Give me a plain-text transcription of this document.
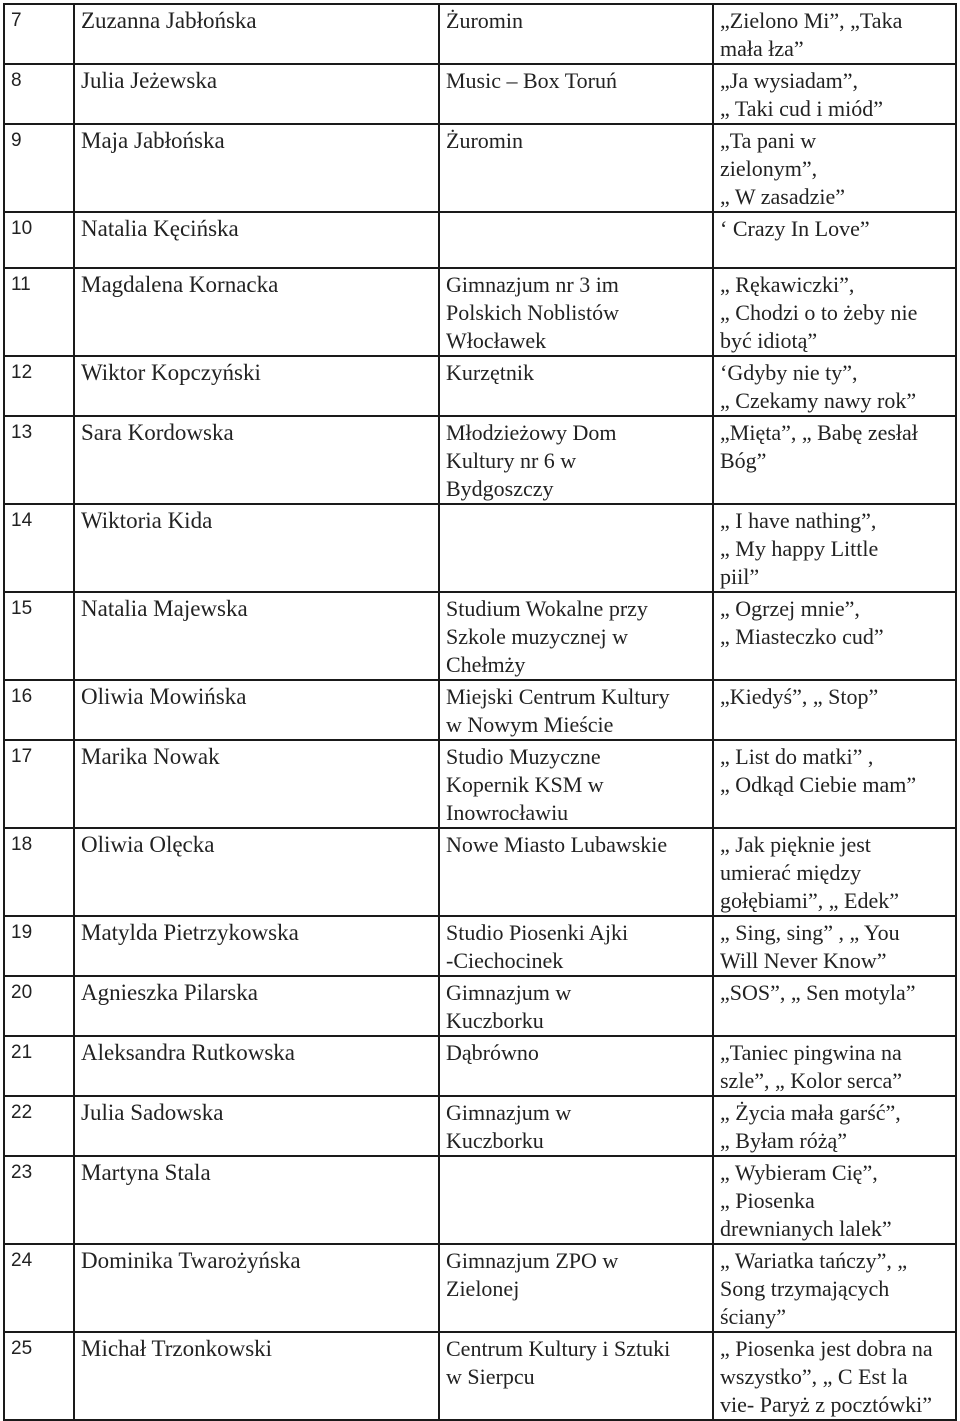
7	Zuzanna Jabłońska	Żuromin	„Zielono Mi”, „Taka
mała łza”
8	Julia Jeżewska	Music – Box Toruń	„Ja wysiadam”,
„ Taki cud i miód”
9	Maja Jabłońska	Żuromin	„Ta pani w
zielonym”,
„ W zasadzie”
10	Natalia Kęcińska		‘ Crazy In Love”
11	Magdalena Kornacka	Gimnazjum nr 3 im
Polskich Noblistów
Włocławek	„ Rękawiczki”,
„ Chodzi o to żeby nie
być idiotą”
12	Wiktor Kopczyński	Kurzętnik	‘Gdyby nie ty”,
„ Czekamy nawy rok”
13	Sara Kordowska	Młodzieżowy Dom
Kultury nr 6 w
Bydgoszczy	„Mięta”, „ Babę zesłał
Bóg”
14	Wiktoria Kida		„ I have nathing”,
„ My happy Little
piil”
15	Natalia Majewska	Studium Wokalne przy
Szkole muzycznej w
Chełmży	„ Ogrzej mnie”,
„ Miasteczko cud”
16	Oliwia Mowińska	Miejski Centrum Kultury
w Nowym Mieście	„Kiedyś”, „ Stop”
17	Marika Nowak	Studio Muzyczne
Kopernik KSM w
Inowrocławiu	„ List do matki” ,
„ Odkąd Ciebie mam”
18	Oliwia Olęcka	Nowe Miasto Lubawskie	„ Jak pięknie jest
umierać między
gołębiami”, „ Edek”
19	Matylda Pietrzykowska	Studio Piosenki Ajki
-Ciechocinek	„ Sing, sing” , „ You
Will Never Know”
20	Agnieszka Pilarska	Gimnazjum w
Kuczborku	„SOS”, „ Sen motyla”
21	Aleksandra Rutkowska	Dąbrówno	„Taniec pingwina na
szle”, „ Kolor serca”
22	Julia Sadowska	Gimnazjum w
Kuczborku	„ Życia mała garść”,
„ Byłam różą”
23	Martyna Stala		„ Wybieram Cię”,
„ Piosenka
drewnianych lalek”
24	Dominika Twarożyńska	Gimnazjum ZPO w
Zielonej	„ Wariatka tańczy”, „
Song trzymających
ściany”
25	Michał Trzonkowski	Centrum Kultury i Sztuki
w Sierpcu	„ Piosenka jest dobra na
wszystko”, „ C Est la
vie- Paryż z pocztówki”
